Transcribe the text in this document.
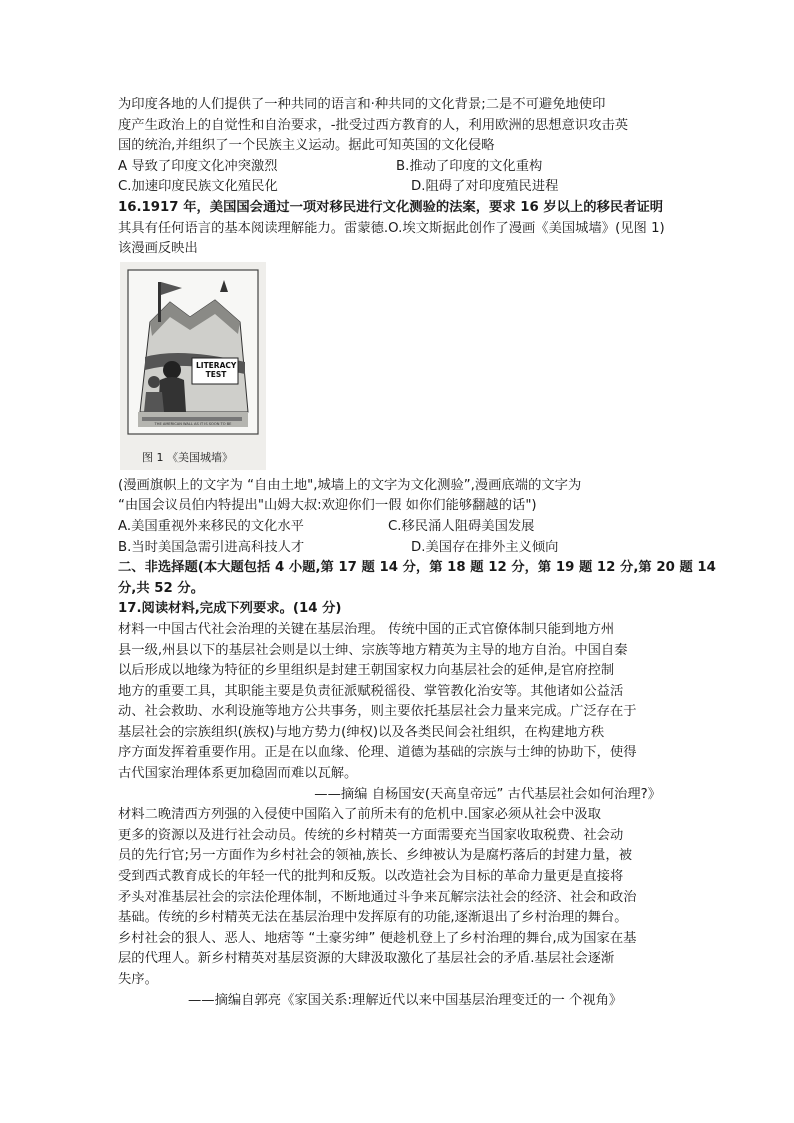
为印度各地的人们提供了一种共同的语言和·种共同的文化背景;二是不可避免地使印
度产生政治上的自觉性和自治要求，-批受过西方教育的人，利用欧洲的思想意识攻击英
国的统治,并组织了一个民族主义运动。据此可知英国的文化侵略
A 导致了印度文化冲突激烈	B.推动了印度的文化重构
C.加速印度民族文化殖民化	D.阻碍了对印度殖民进程
16.1917 年，美国国会通过一项对移民进行文化测验的法案，要求 16 岁以上的移民者证明
其具有任何语言的基本阅读理解能力。雷蒙德.O.埃文斯据此创作了漫画《美国城墙》(见图 1)
该漫画反映出
LITERACY TEST
THE AMERICAN WALL AS IT IS SOON TO BE
图 1 《美国城墙》
(漫画旗帜上的文字为 “自由土地",城墙上的文字为文化测验”,漫画底端的文字为
“由国会议员伯内特提出"山姆大叔:欢迎你们一假 如你们能够翻越的话")
A.美国重视外来移民的文化水平	C.移民涌人阻碍美国发展
B.当时美国急需引进高科技人才	D.美国存在排外主义倾向
二、非选择题(本大题包括 4 小题,第 17 题 14 分，第 18 题 12 分，第 19 题 12 分,第 20 题 14
分,共 52 分。
17.阅读材料,完成下列要求。(14 分)
材料一中国古代社会治理的关键在基层治理。 传统中国的正式官僚体制只能到地方州
县一级,州县以下的基层社会则是以士绅、宗族等地方精英为主导的地方自治。中国自秦
以后形成以地缘为特征的乡里组织是封建王朝国家权力向基层社会的延伸,是官府控制
地方的重要工具，其职能主要是负责征派赋税徭役、掌管教化治安等。其他诸如公益活
动、社会救助、水利设施等地方公共事务，则主要依托基层社会力量来完成。广泛存在于
基层社会的宗族组织(族权)与地方势力(绅权)以及各类民间会社组织，在构建地方秩
序方面发挥着重要作用。正是在以血缘、伦理、道德为基础的宗族与士绅的协助下，使得
古代国家治理体系更加稳固而难以瓦解。
——摘编 自杨国安(天高皇帝远” 古代基层社会如何治理?》
材料二晚清西方列强的入侵使中国陷入了前所未有的危机中.国家必须从社会中汲取
更多的资源以及进行社会动员。传统的乡村精英一方面需要充当国家收取税费、社会动
员的先行官;另一方面作为乡村社会的领袖,族长、乡绅被认为是腐朽落后的封建力量，被
受到西式教育成长的年轻一代的批判和反叛。以改造社会为目标的革命力量更是直接将
矛头对准基层社会的宗法伦理体制，不断地通过斗争来瓦解宗法社会的经济、社会和政治
基础。传统的乡村精英无法在基层治理中发挥原有的功能,逐渐退出了乡村治理的舞台。
乡村社会的狠人、恶人、地痞等 “土豪劣绅” 便趁机登上了乡村治理的舞台,成为国家在基
层的代理人。新乡村精英对基层资源的大肆汲取激化了基层社会的矛盾.基层社会逐渐
失序。
——摘编自郭亮《家国关系:理解近代以来中国基层治理变迁的一 个视角》
